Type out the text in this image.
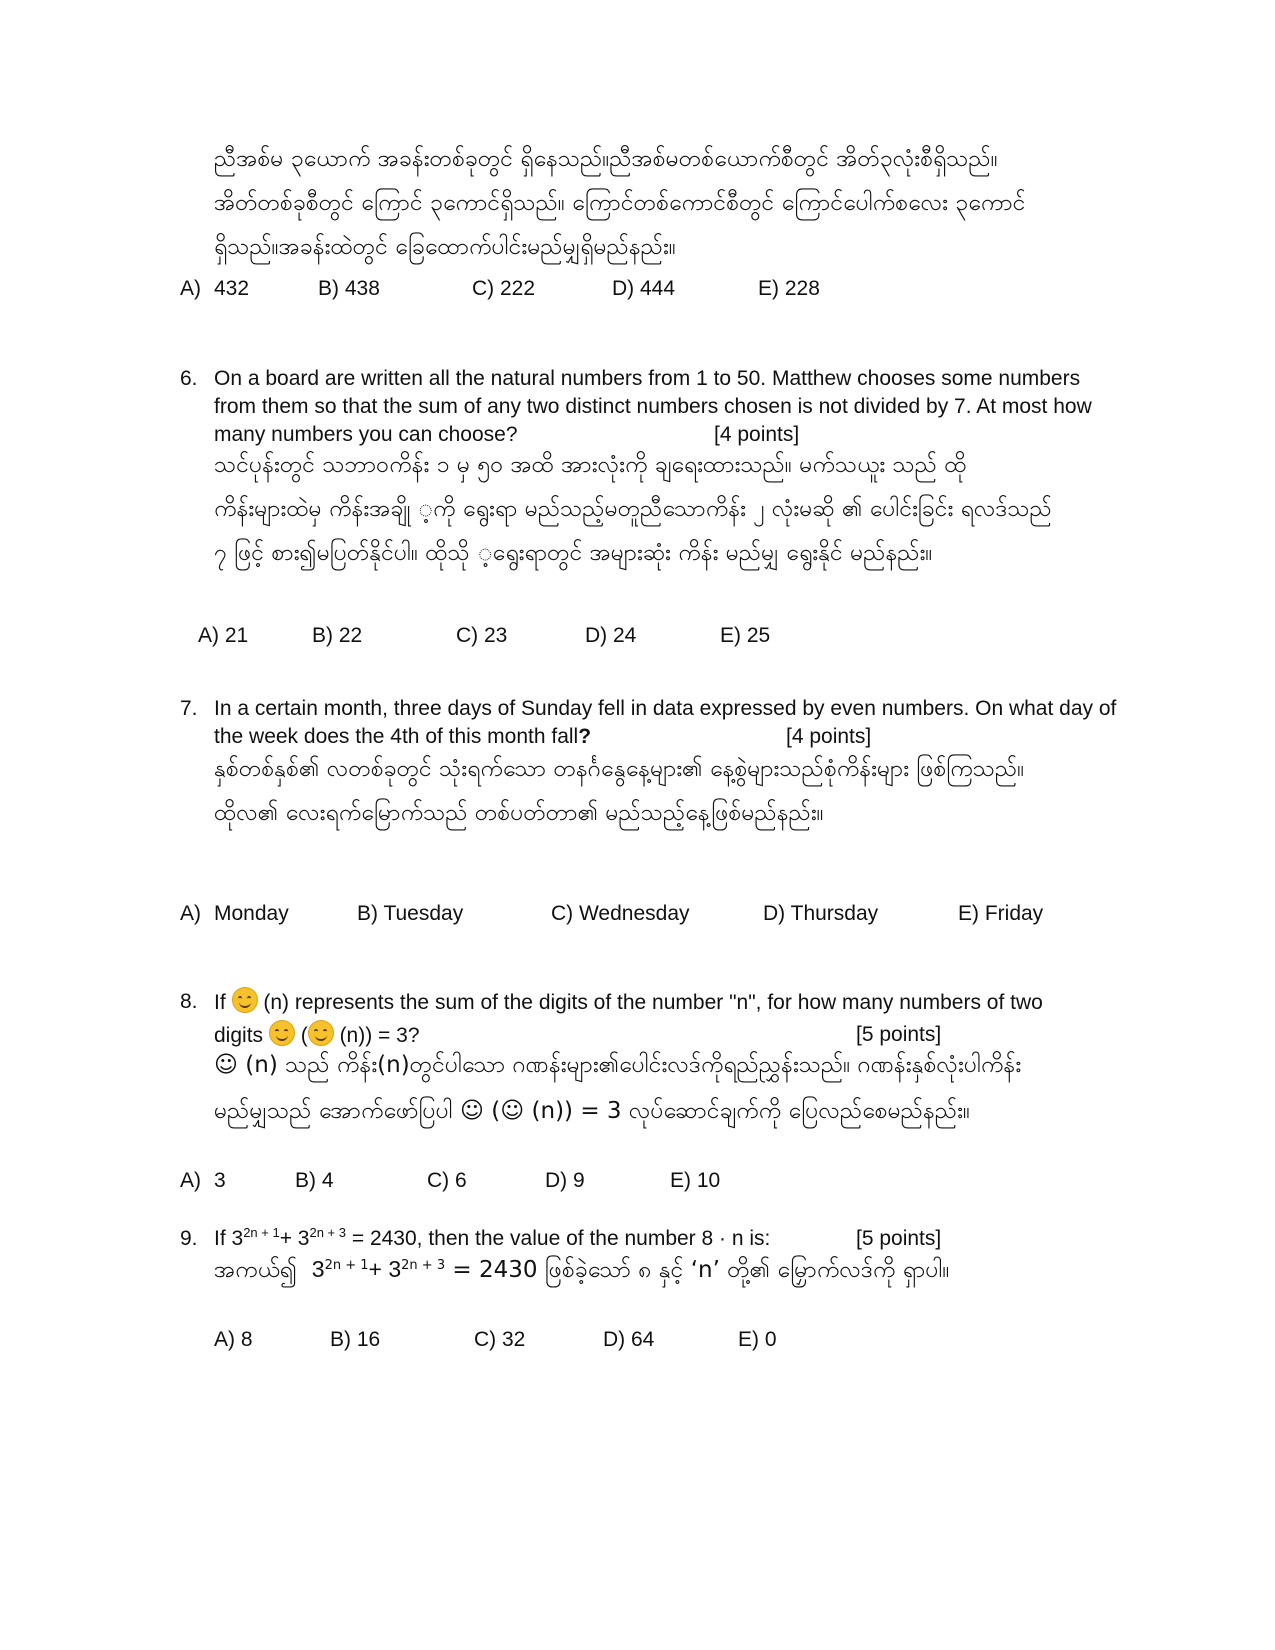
ညီအစ်မ ၃ယောက် အခန်းတစ်ခုတွင် ရှိနေသည်။ညီအစ်မတစ်ယောက်စီတွင် အိတ်၃လုံးစီရှိသည်။
အိတ်တစ်ခုစီတွင် ကြောင် ၃ကောင်ရှိသည်။ ကြောင်တစ်ကောင်စီတွင် ကြောင်ပေါက်စလေး ၃ကောင်
ရှိသည်။အခန်းထဲတွင် ခြေထောက်ပါင်းမည်မျှရှိမည်နည်း။
A) 432	B) 438	C) 222	D) 444	E) 228
6. On a board are written all the natural numbers from 1 to 50. Matthew chooses some numbers
from them so that the sum of any two distinct numbers chosen is not divided by 7. At most how
many numbers you can choose?	[4 points]
သင်ပုန်းတွင် သဘာဝကိန်း ၁ မှ ၅၀ အထိ အားလုံးကို ချရေးထားသည်။ မက်သယူး သည် ထို
ကိန်းများထဲမှ ကိန်းအချို ့ကို ရွေးရာ မည်သည့်မတူညီသောကိန်း ၂ လုံးမဆို ၏ ပေါင်းခြင်း ရလဒ်သည်
၇ ဖြင့် စား၍မပြတ်နိုင်ပါ။ ထိုသို ့ရွေးရာတွင် အများဆုံး ကိန်း မည်မျှ ရွေးနိုင် မည်နည်း။
A) 21	B) 22	C) 23	D) 24	E) 25
7. In a certain month, three days of Sunday fell in data expressed by even numbers. On what day of
the week does the 4th of this month fall?	[4 points]
နှစ်တစ်နှစ်၏ လတစ်ခုတွင် သုံးရက်သော တနင်္ဂနွေနေ့များ၏ နေ့စွဲများသည်စုံကိန်းများ ဖြစ်ကြသည်။
ထိုလ၏ လေးရက်မြောက်သည် တစ်ပတ်တာ၏ မည်သည့်နေ့ဖြစ်မည်နည်း။
A) Monday	B) Tuesday	C) Wednesday	D) Thursday	E) Friday
8. If (n) represents the sum of the digits of the number "n", for how many numbers of two
digits ( (n)) = 3?	[5 points]
☺ (n) သည် ကိန်း(n)တွင်ပါသော ဂဏန်းများ၏ပေါင်းလဒ်ကိုရည်ညွှန်းသည်။ ဂဏန်းနှစ်လုံးပါကိန်း
မည်မျှသည် အောက်ဖော်ပြပါ ☺ (☺ (n)) = 3 လုပ်ဆောင်ချက်ကို ပြေလည်စေမည်နည်း။
A) 3	B) 4	C) 6	D) 9	E) 10
9. If $3^{2n + 1}+ 3^{2n + 3} = 2430$, then the value of the number 8 · n is:	[5 points]
အကယ်၍ $3^{2n + 1}+ 3^{2n + 3} = 2430$ ဖြစ်ခဲ့သော် ၈ နှင့် ‘n’ တို့၏ မြှောက်လဒ်ကို ရှာပါ။
A) 8	B) 16	C) 32	D) 64	E) 0
